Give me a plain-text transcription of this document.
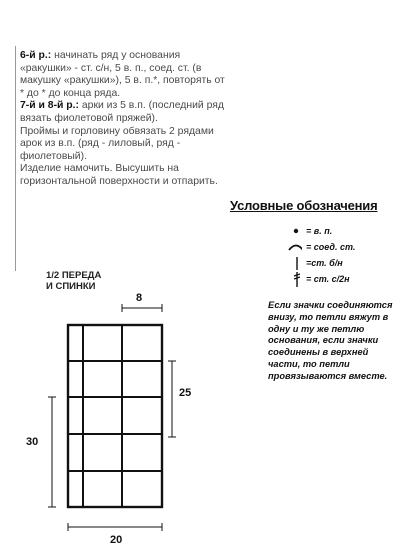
6-й р.: начинать ряд у основания «ракушки» - ст. с/н, 5 в. п., соед. ст. (в макушку «ракушки»), 5 в. п.*, повторять от * до * до конца ряда.

7-й и 8-й р.: арки из 5 в.п. (последний ряд вязать фиолетовой пряжей).

Проймы и горловину обвязать 2 рядами арок из в.п. (ряд - лиловый, ряд - фиолетовый).

Изделие намочить. Высушить на горизонтальной поверхности и отпарить.

Условные обозначения
= в. п.
= соед. ст.
=ст. б/н
= ст. с/2н
Если значки соединяются внизу, то петли вяжут в одну и ту же петлю основания, если значки соединены в верхней части, то петли провязываются вместе.
1/2 ПЕРЕДА
И СПИНКИ
8
25
30
20
